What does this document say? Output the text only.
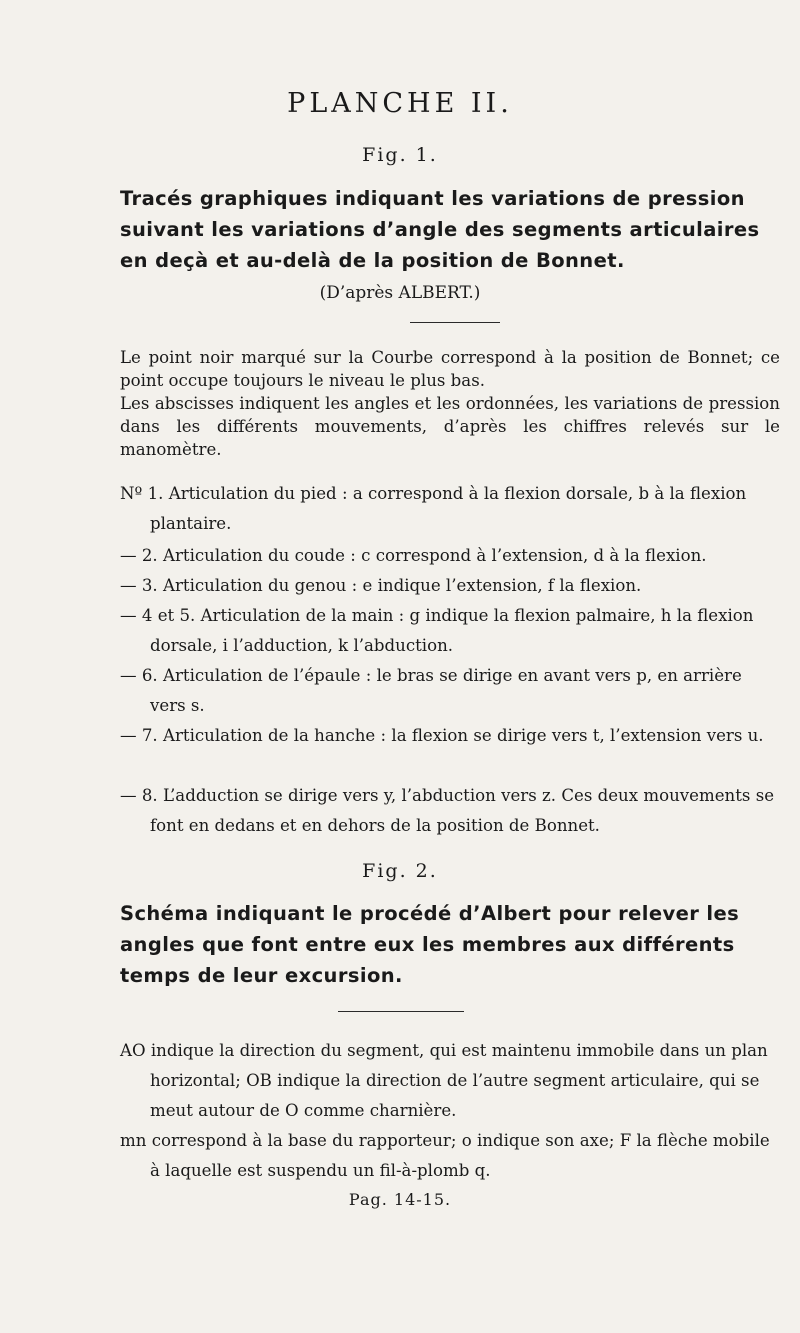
PLANCHE II.
Fig. 1.
Tracés graphiques indiquant les variations de pression suivant les variations d’angle des segments articulaires en deçà et au-delà de la position de Bonnet.
(D’après ALBERT.)
Le point noir marqué sur la Courbe correspond à la position de Bonnet; ce point occupe toujours le niveau le plus bas.
Les abscisses indiquent les angles et les ordonnées, les variations de pression dans les différents mouvements, d’après les chiffres relevés sur le manomètre.
Nº 1. Articulation du pied : a correspond à la flexion dorsale, b à la flexion plantaire.
— 2. Articulation du coude : c correspond à l’extension, d à la flexion.
— 3. Articulation du genou : e indique l’extension, f la flexion.
— 4 et 5. Articulation de la main : g indique la flexion palmaire, h la flexion dorsale, i l’adduction, k l’abduction.
— 6. Articulation de l’épaule : le bras se dirige en avant vers p, en arrière vers s.
— 7. Articulation de la hanche : la flexion se dirige vers t, l’extension vers u.
— 8. L’adduction se dirige vers y, l’abduction vers z. Ces deux mouvements se font en dedans et en dehors de la position de Bonnet.
Fig. 2.
Schéma indiquant le procédé d’Albert pour relever les angles que font entre eux les membres aux différents temps de leur excursion.
AO indique la direction du segment, qui est maintenu immobile dans un plan horizontal; OB indique la direction de l’autre segment articulaire, qui se meut autour de O comme charnière.
mn correspond à la base du rapporteur; o indique son axe; F la flèche mobile à laquelle est suspendu un fil-à-plomb q.
Pag. 14-15.
